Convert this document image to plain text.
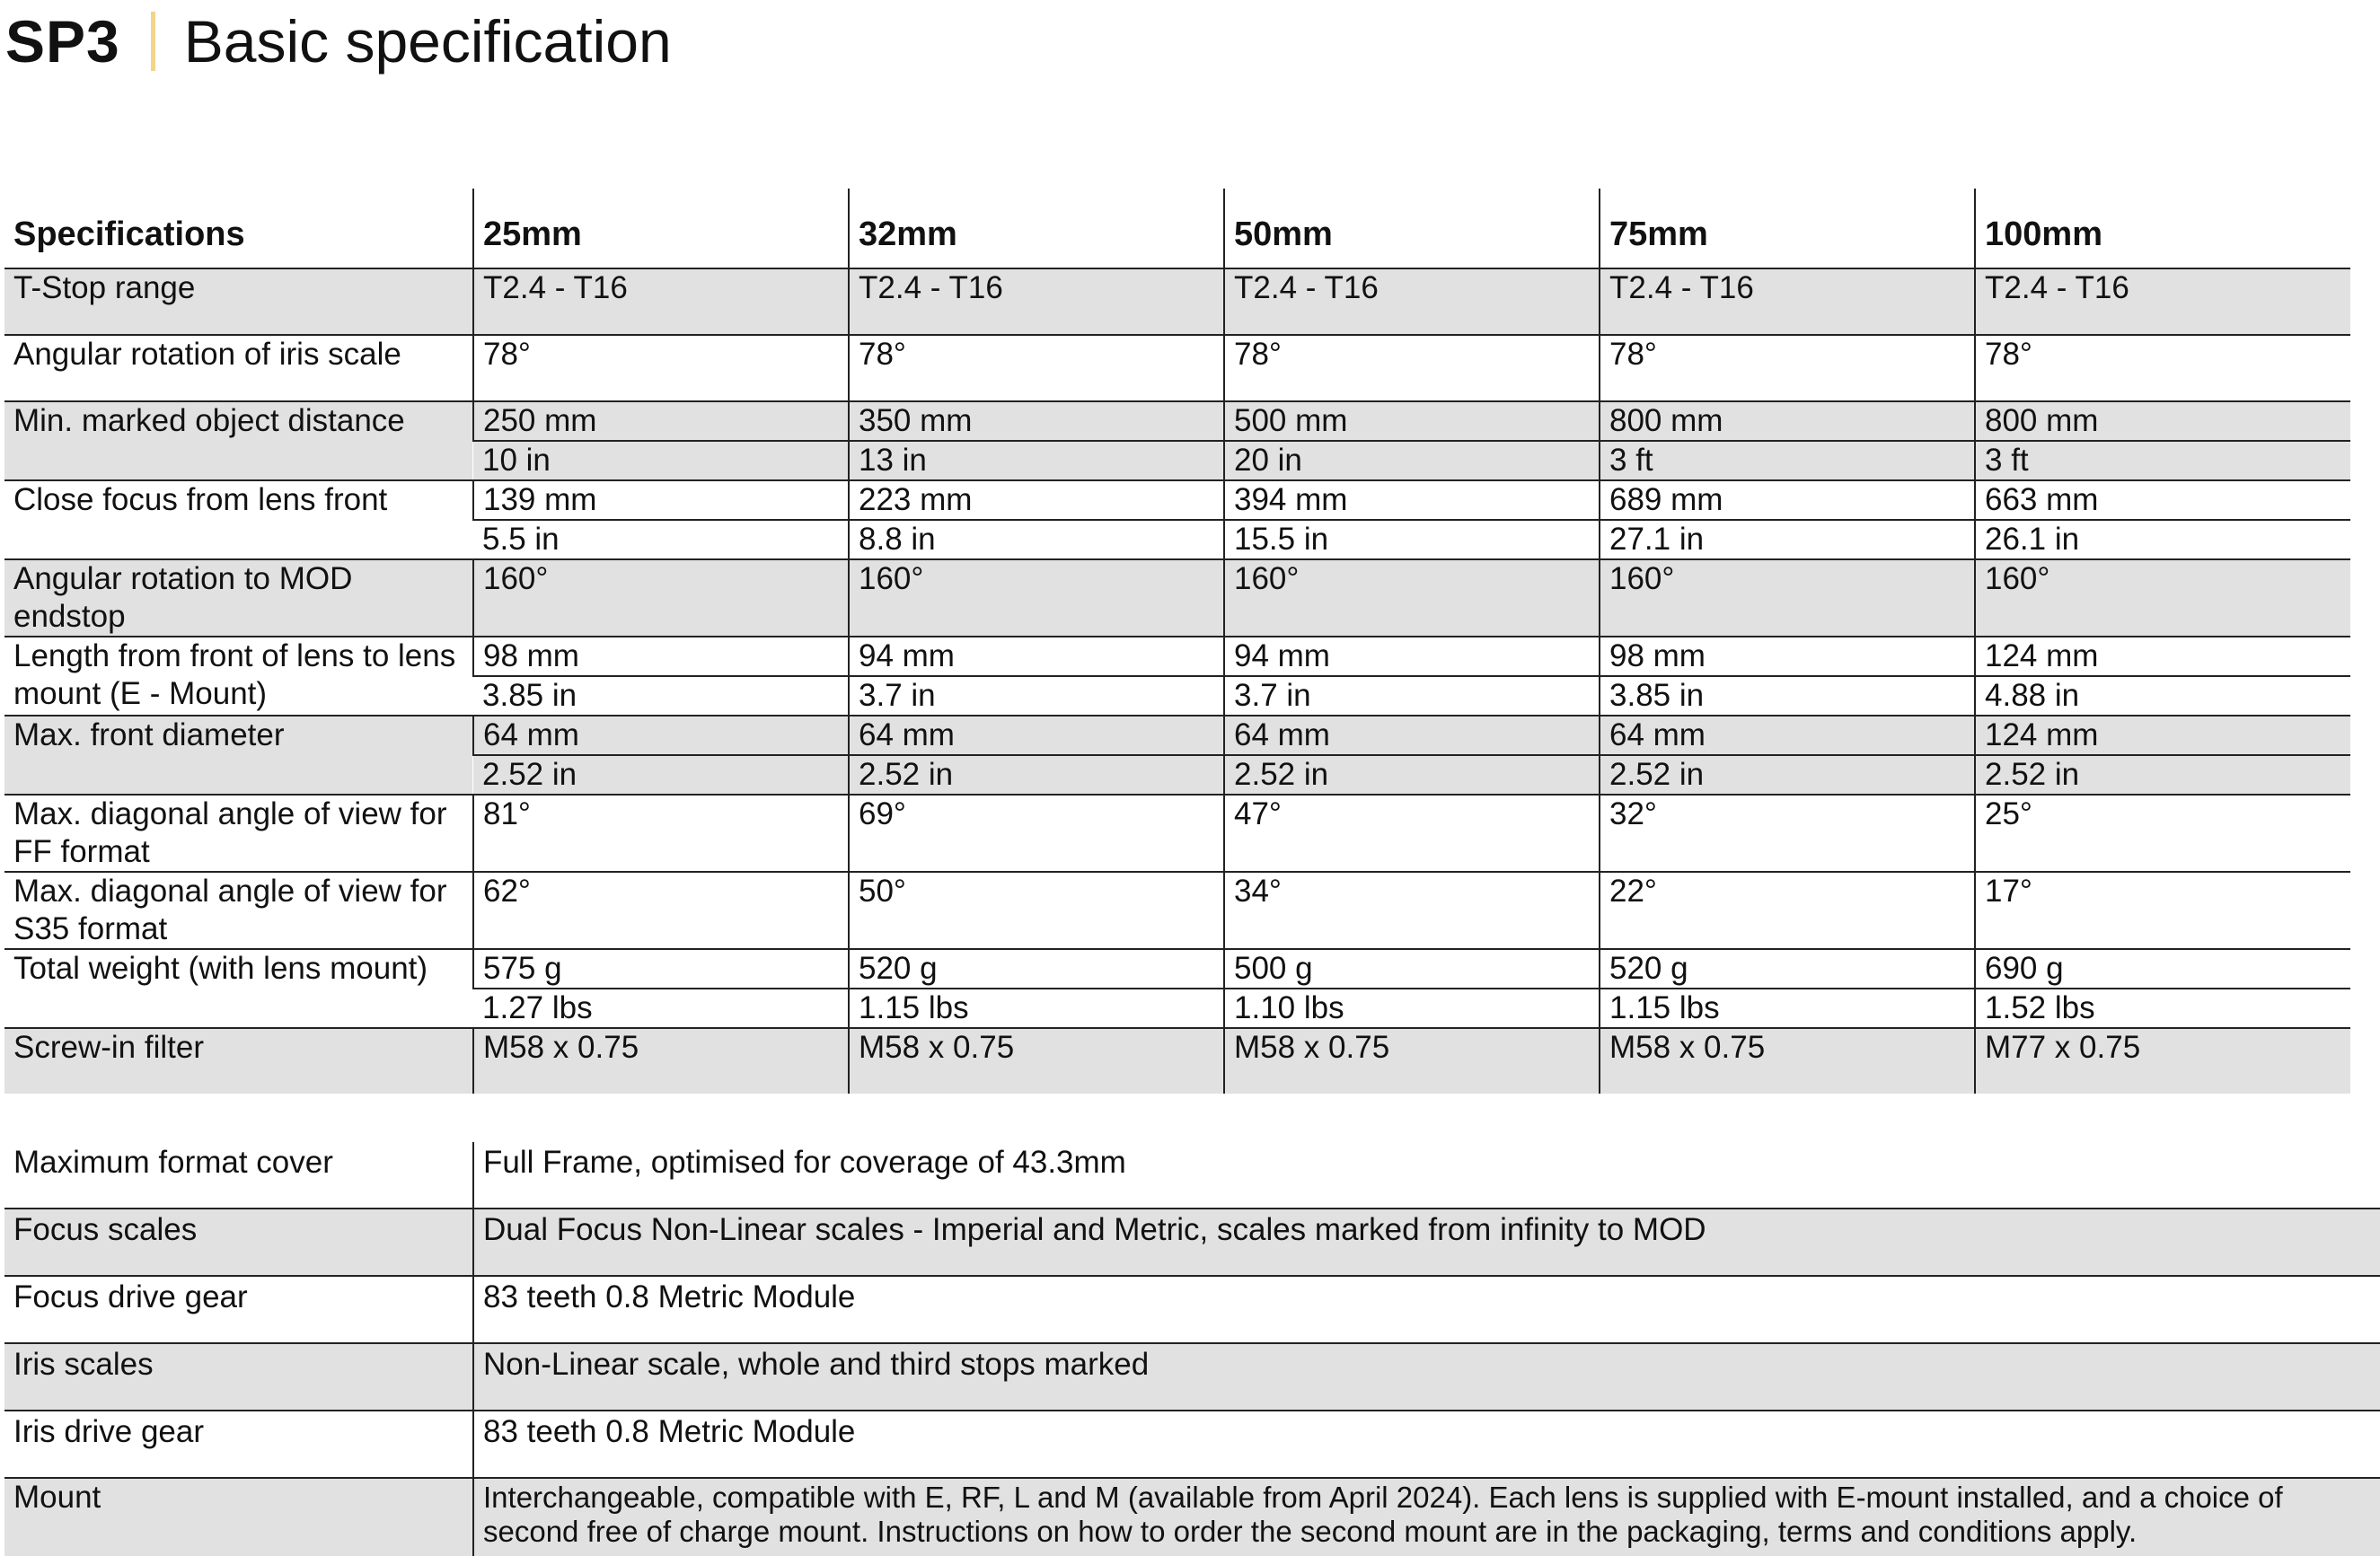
SP3 Basic specification
Specifications	25mm	32mm	50mm	75mm	100mm
T-Stop range	T2.4 - T16	T2.4 - T16	T2.4 - T16	T2.4 - T16	T2.4 - T16
Angular rotation of iris scale	78°	78°	78°	78°	78°
Min. marked object distance	250 mm	350 mm	500 mm	800 mm	800 mm
	10 in	13 in	20 in	3 ft	3 ft
Close focus from lens front	139 mm	223 mm	394 mm	689 mm	663 mm
	5.5 in	8.8 in	15.5 in	27.1 in	26.1 in
Angular rotation to MOD endstop	160°	160°	160°	160°	160°
Length from front of lens to lens mount (E - Mount)	98 mm	94 mm	94 mm	98 mm	124 mm
	3.85 in	3.7 in	3.7 in	3.85 in	4.88 in
Max. front diameter	64 mm	64 mm	64 mm	64 mm	124 mm
	2.52 in	2.52 in	2.52 in	2.52 in	2.52 in
Max. diagonal angle of view for FF format	81°	69°	47°	32°	25°
Max. diagonal angle of view for S35 format	62°	50°	34°	22°	17°
Total weight (with lens mount)	575 g	520 g	500 g	520 g	690 g
	1.27 lbs	1.15 lbs	1.10 lbs	1.15 lbs	1.52 lbs
Screw-in filter	M58 x 0.75	M58 x 0.75	M58 x 0.75	M58 x 0.75	M77 x 0.75
Maximum format cover	Full Frame, optimised for coverage of 43.3mm
Focus scales	Dual Focus Non-Linear scales - Imperial and Metric, scales marked from infinity to MOD
Focus drive gear	83 teeth 0.8 Metric Module
Iris scales	Non-Linear scale, whole and third stops marked
Iris drive gear	83 teeth 0.8 Metric Module
Mount	Interchangeable, compatible with E, RF, L and M (available from April 2024). Each lens is supplied with E-mount installed, and a choice of second free of charge mount. Instructions on how to order the second mount are in the packaging, terms and conditions apply.
